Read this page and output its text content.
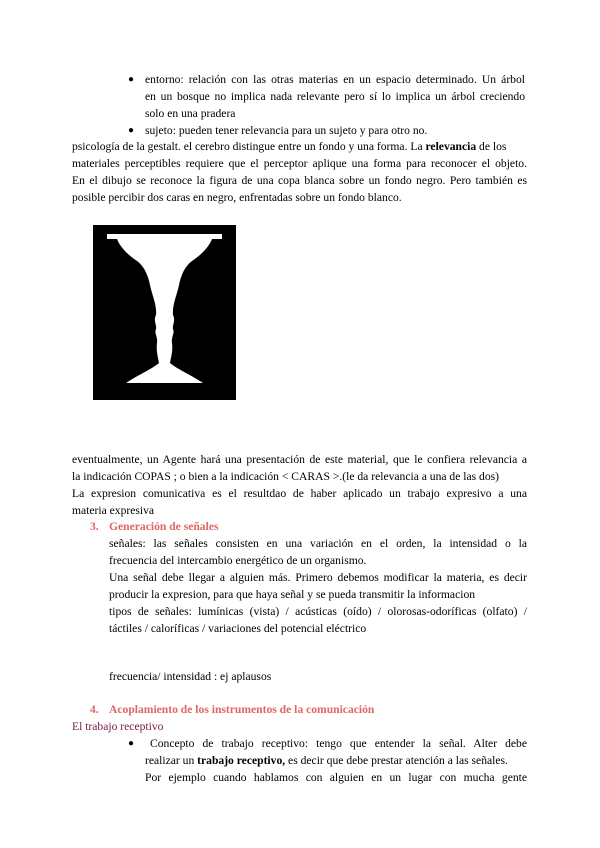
● entorno: relación con las otras materias en un espacio determinado. Un árbol
en un bosque no implica nada relevante pero sí lo implica un árbol creciendo
solo en una pradera
● sujeto: pueden tener relevancia para un sujeto y para otro no.
psicología de la gestalt. el cerebro distingue entre un fondo y una forma. La relevancia de los
materiales perceptibles requiere que el perceptor aplique una forma para reconocer el objeto.
En el dibujo se reconoce la figura de una copa blanca sobre un fondo negro. Pero también es
posible percibir dos caras en negro, enfrentadas sobre un fondo blanco.
eventualmente, un Agente hará una presentación de este material, que le confiera relevancia a
la indicación COPAS ; o bien a la indicación < CARAS >.(le da relevancia a una de las dos)
La expresion comunicativa es el resultdao de haber aplicado un trabajo expresivo a una
materia expresiva
3. Generación de señales
señales: las señales consisten en una variación en el orden, la intensidad o la
frecuencia del intercambio energético de un organismo.
Una señal debe llegar a alguien más. Primero debemos modificar la materia, es decir
producir la expresion, para que haya señal y se pueda transmitir la informacion
tipos de señales: lumínicas (vista) / acústicas (oído) / olorosas-odoríficas (olfato) /
táctiles / caloríficas / variaciones del potencial eléctrico
frecuencia/ intensidad : ej aplausos
4. Acoplamiento de los instrumentos de la comunicación
El trabajo receptivo
● Concepto de trabajo receptivo: tengo que entender la señal. Alter debe
realizar un trabajo receptivo, es decir que debe prestar atención a las señales.
Por ejemplo cuando hablamos con alguien en un lugar con mucha gente
